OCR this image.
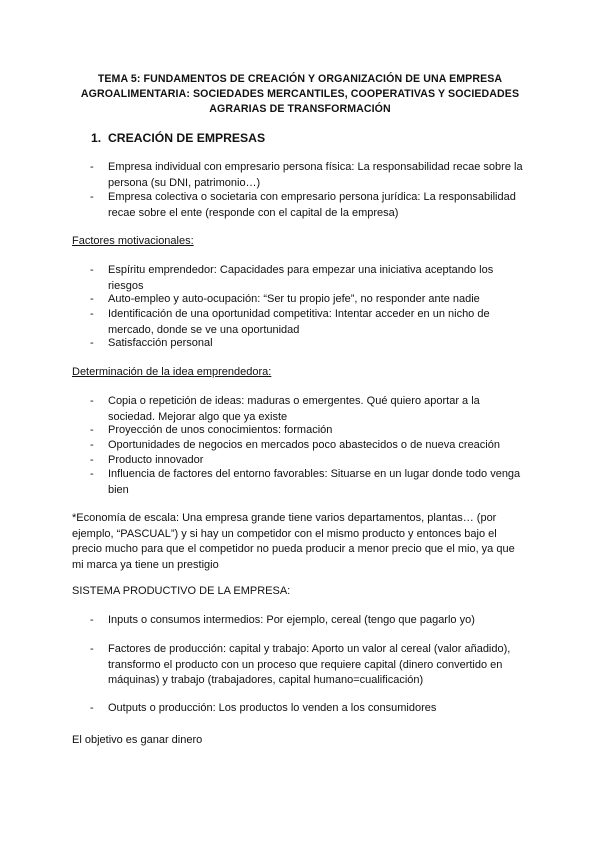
TEMA 5: FUNDAMENTOS DE CREACIÓN Y ORGANIZACIÓN DE UNA EMPRESA
AGROALIMENTARIA: SOCIEDADES MERCANTILES, COOPERATIVAS Y SOCIEDADES
AGRARIAS DE TRANSFORMACIÓN
1. CREACIÓN DE EMPRESAS
- Empresa individual con empresario persona física: La responsabilidad recae sobre la
persona (su DNI, patrimonio…)
- Empresa colectiva o societaria con empresario persona jurídica: La responsabilidad
recae sobre el ente (responde con el capital de la empresa)
Factores motivacionales:
- Espíritu emprendedor: Capacidades para empezar una iniciativa aceptando los
riesgos
- Auto-empleo y auto-ocupación: “Ser tu propio jefe”, no responder ante nadie
- Identificación de una oportunidad competitiva: Intentar acceder en un nicho de
mercado, donde se ve una oportunidad
- Satisfacción personal
Determinación de la idea emprendedora:
- Copia o repetición de ideas: maduras o emergentes. Qué quiero aportar a la
sociedad. Mejorar algo que ya existe
- Proyección de unos conocimientos: formación
- Oportunidades de negocios en mercados poco abastecidos o de nueva creación
- Producto innovador
- Influencia de factores del entorno favorables: Situarse en un lugar donde todo venga
bien
*Economía de escala: Una empresa grande tiene varios departamentos, plantas… (por
ejemplo, “PASCUAL”) y si hay un competidor con el mismo producto y entonces bajo el
precio mucho para que el competidor no pueda producir a menor precio que el mio, ya que
mi marca ya tiene un prestigio
SISTEMA PRODUCTIVO DE LA EMPRESA:
- Inputs o consumos intermedios: Por ejemplo, cereal (tengo que pagarlo yo)
- Factores de producción: capital y trabajo: Aporto un valor al cereal (valor añadido),
transformo el producto con un proceso que requiere capital (dinero convertido en
máquinas) y trabajo (trabajadores, capital humano=cualificación)
- Outputs o producción: Los productos lo venden a los consumidores
El objetivo es ganar dinero
